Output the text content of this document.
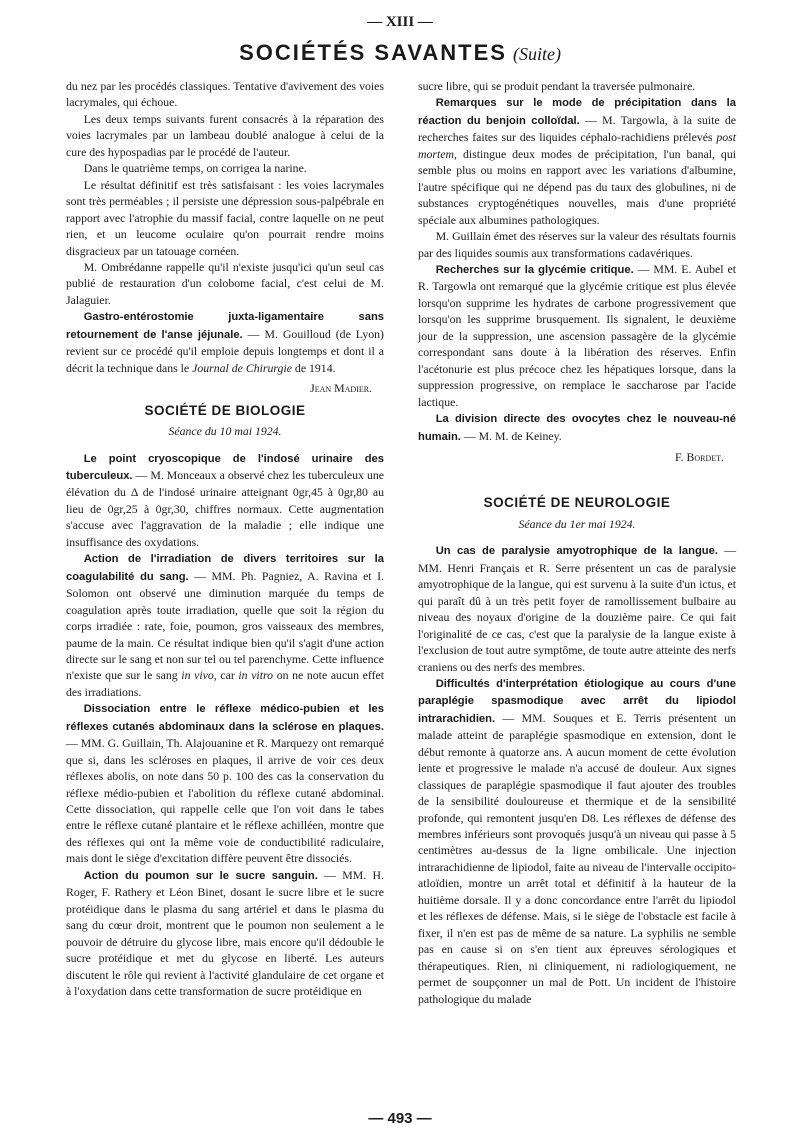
— XIII —
SOCIÉTÉS SAVANTES (Suite)

du nez par les procédés classiques. Tentative d'avivement des voies lacrymales, qui échoue.

Les deux temps suivants furent consacrés à la réparation des voies lacrymales par un lambeau doublé analogue à celui de la cure des hypospadias par le procédé de l'auteur.

Dans le quatrième temps, on corrigea la narine.

Le résultat définitif est très satisfaisant : les voies lacrymales sont très perméables ; il persiste une dépression sous-palpébrale en rapport avec l'atrophie du massif facial, contre laquelle on ne peut rien, et un leucome oculaire qu'on pourrait rendre moins disgracieux par un tatouage cornéen.

M. Ombrédanne rappelle qu'il n'existe jusqu'ici qu'un seul cas publié de restauration d'un colobome facial, c'est celui de M. Jalaguier.

Gastro-entérostomie juxta-ligamentaire sans retournement de l'anse jéjunale. — M. Gouilloud (de Lyon) revient sur ce procédé qu'il emploie depuis longtemps et dont il a décrit la technique dans le Journal de Chirurgie de 1914.

Jean Madier.

SOCIÉTÉ DE BIOLOGIE
Séance du 10 mai 1924.

Le point cryoscopique de l'indosé urinaire des tuberculeux. — M. Monceaux a observé chez les tuberculeux une élévation du Δ de l'indosé urinaire atteignant 0gr,45 à 0gr,80 au lieu de 0gr,25 à 0gr,30, chiffres normaux. Cette augmentation s'accuse avec l'aggravation de la maladie ; elle indique une insuffisance des oxydations.

Action de l'irradiation de divers territoires sur la coagulabilité du sang. — MM. Ph. Pagniez, A. Ravina et I. Solomon ont observé une diminution marquée du temps de coagulation après toute irradiation, quelle que soit la région du corps irradiée : rate, foie, poumon, gros vaisseaux des membres, paume de la main. Ce résultat indique bien qu'il s'agit d'une action directe sur le sang et non sur tel ou tel parenchyme. Cette influence n'existe que sur le sang in vivo, car in vitro on ne note aucun effet des irradiations.

Dissociation entre le réflexe médico-pubien et les réflexes cutanés abdominaux dans la sclérose en plaques. — MM. G. Guillain, Th. Alajouanine et R. Marquezy ont remarqué que si, dans les scléroses en plaques, il arrive de voir ces deux réflexes abolis, on note dans 50 p. 100 des cas la conservation du réflexe médio-pubien et l'abolition du réflexe cutané abdominal. Cette dissociation, qui rappelle celle que l'on voit dans le tabes entre le réflexe cutané plantaire et le réflexe achilléen, montre que des réflexes qui ont la même voie de conductibilité radiculaire, mais dont le siège d'excitation diffère peuvent être dissociés.

Action du poumon sur le sucre sanguin. — MM. H. Roger, F. Rathery et Léon Binet, dosant le sucre libre et le sucre protéidique dans le plasma du sang artériel et dans le plasma du sang du cœur droit, montrent que le poumon non seulement a le pouvoir de détruire du glycose libre, mais encore qu'il dédouble le sucre protéidique et met du glycose en liberté. Les auteurs discutent le rôle qui revient à l'activité glandulaire de cet organe et à l'oxydation dans cette transformation de sucre protéidique en

sucre libre, qui se produit pendant la traversée pulmonaire.

Remarques sur le mode de précipitation dans la réaction du benjoin colloïdal. — M. Targowla, à la suite de recherches faites sur des liquides céphalo-rachidiens prélevés post mortem, distingue deux modes de précipitation, l'un banal, qui semble plus ou moins en rapport avec les variations d'albumine, l'autre spécifique qui ne dépend pas du taux des globulines, ni de substances cryptogénétiques nouvelles, mais d'une propriété spéciale aux albumines pathologiques.

M. Guillain émet des réserves sur la valeur des résultats fournis par des liquides soumis aux transformations cadavériques.

Recherches sur la glycémie critique. — MM. E. Aubel et R. Targowla ont remarqué que la glycémie critique est plus élevée lorsqu'on supprime les hydrates de carbone progressivement que lorsqu'on les supprime brusquement. Ils signalent, le deuxième jour de la suppression, une ascension passagère de la glycémie correspondant sans doute à la libération des réserves. Enfin l'acétonurie est plus précoce chez les hépatiques lorsque, dans la suppression progressive, on remplace le saccharose par l'acide lactique.

La division directe des ovocytes chez le nouveau-né humain. — M. M. de Keiney.

F. Bordet.

SOCIÉTÉ DE NEUROLOGIE
Séance du 1er mai 1924.

Un cas de paralysie amyotrophique de la langue. — MM. Henri Français et R. Serre présentent un cas de paralysie amyotrophique de la langue, qui est survenu à la suite d'un ictus, et qui paraît dû à un très petit foyer de ramollissement bulbaire au niveau des noyaux d'origine de la douzième paire. Ce qui fait l'originalité de ce cas, c'est que la paralysie de la langue existe à l'exclusion de tout autre symptôme, de toute autre atteinte des nerfs craniens ou des nerfs des membres.

Difficultés d'interprétation étiologique au cours d'une paraplégie spasmodique avec arrêt du lipiodol intrarachidien. — MM. Souques et E. Terris présentent un malade atteint de paraplégie spasmodique en extension, dont le début remonte à quatorze ans. A aucun moment de cette évolution lente et progressive le malade n'a accusé de douleur. Aux signes classiques de paraplégie spasmodique il faut ajouter des troubles de la sensibilité douloureuse et thermique et de la sensibilité profonde, qui remontent jusqu'en D8. Les réflexes de défense des membres inférieurs sont provoqués jusqu'à un niveau qui passe à 5 centimètres au-dessus de la ligne ombilicale. Une injection intrarachidienne de lipiodol, faite au niveau de l'intervalle occipito-atloïdien, montre un arrêt total et définitif à la hauteur de la huitième dorsale. Il y a donc concordance entre l'arrêt du lipiodol et les réflexes de défense. Mais, si le siège de l'obstacle est facile à fixer, il n'en est pas de même de sa nature. La syphilis ne semble pas en cause si on s'en tient aux épreuves sérologiques et thérapeutiques. Rien, ni cliniquement, ni radiologiquement, ne permet de soupçonner un mal de Pott. Un incident de l'histoire pathologique du malade

— 493 —
